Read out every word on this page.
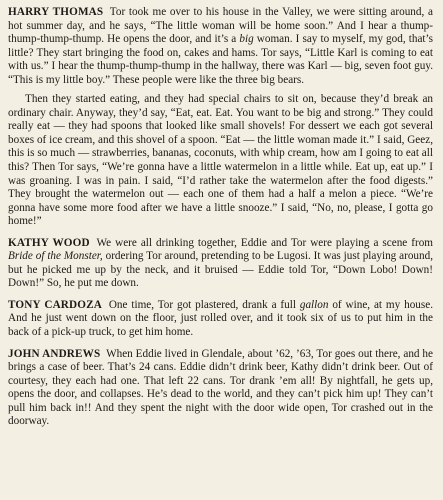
HARRY THOMAS Tor took me over to his house in the Valley, we were sitting around, a hot summer day, and he says, “The little woman will be home soon.” And I hear a thump-thump-thump-thump. He opens the door, and it’s a big woman. I say to myself, my god, that’s little? They start bringing the food on, cakes and hams. Tor says, “Little Karl is coming to eat with us.” I hear the thump-thump-thump in the hallway, there was Karl — big, seven foot guy. “This is my little boy.” These people were like the three big bears.

Then they started eating, and they had special chairs to sit on, because they’d break an ordinary chair. Anyway, they’d say, “Eat, eat. Eat. You want to be big and strong.” They could really eat — they had spoons that looked like small shovels! For dessert we each got several boxes of ice cream, and this shovel of a spoon. “Eat — the little woman made it.” I said, Geez, this is so much — strawberries, bananas, coconuts, with whip cream, how am I going to eat all this? Then Tor says, “We’re gonna have a little watermelon in a little while. Eat up, eat up.” I was groaning. I was in pain. I said, “I’d rather take the watermelon after the food digests.” They brought the watermelon out — each one of them had a half a melon a piece. “We’re gonna have some more food after we have a little snooze.” I said, “No, no, please, I gotta go home!”

KATHY WOOD We were all drinking together, Eddie and Tor were playing a scene from Bride of the Monster, ordering Tor around, pretending to be Lugosi. It was just playing around, but he picked me up by the neck, and it bruised — Eddie told Tor, “Down Lobo! Down! Down!” So, he put me down.

TONY CARDOZA One time, Tor got plastered, drank a full gallon of wine, at my house. And he just went down on the floor, just rolled over, and it took six of us to put him in the back of a pick-up truck, to get him home.

JOHN ANDREWS When Eddie lived in Glendale, about ’62, ’63, Tor goes out there, and he brings a case of beer. That’s 24 cans. Eddie didn’t drink beer, Kathy didn’t drink beer. Out of courtesy, they each had one. That left 22 cans. Tor drank ’em all! By nightfall, he gets up, opens the door, and collapses. He’s dead to the world, and they can’t pick him up! They can’t pull him back in!! And they spent the night with the door wide open, Tor crashed out in the doorway.
